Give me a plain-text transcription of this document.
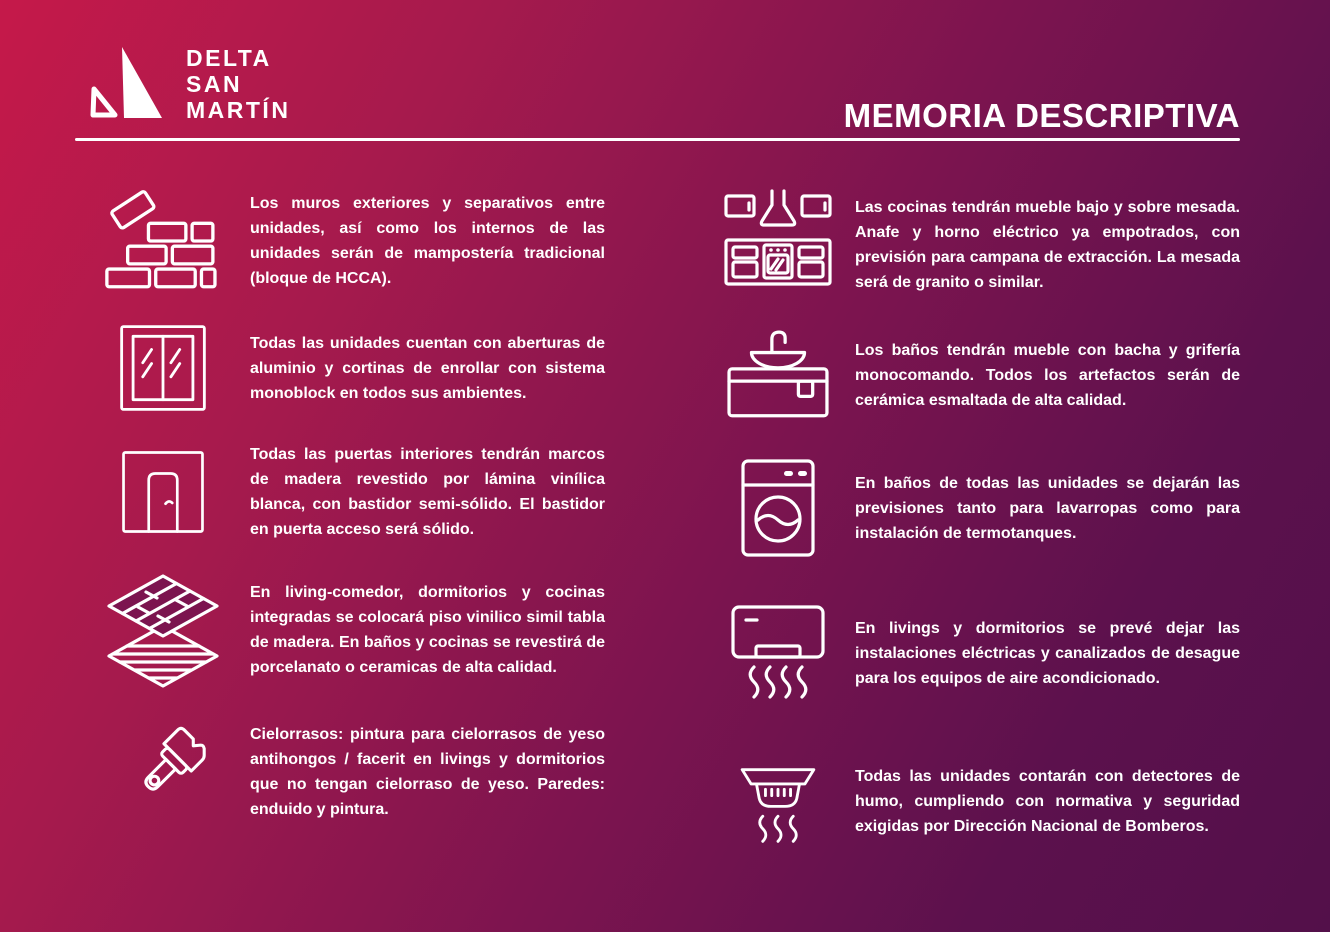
DELTA
SAN
MARTÍN	MEMORIA DESCRIPTIVA

Los muros exteriores y separativos entre unidades, así como los internos de las unidades serán de mampostería tradicional (bloque de HCCA).

Todas las unidades cuentan con aberturas de aluminio y cortinas de enrollar con sistema monoblock en todos sus ambientes.

Todas las puertas interiores tendrán marcos de madera revestido por lámina vinílica blanca, con bastidor semi-sólido. El bastidor en puerta acceso será sólido.

En living-comedor, dormitorios y cocinas integradas se colocará piso vinilico simil tabla de madera. En baños y cocinas se revestirá de porcelanato o ceramicas de alta calidad.

Cielorrasos: pintura para cielorrasos de yeso antihongos / facerit en livings y dormitorios que no tengan cielorraso de yeso. Paredes: enduido y pintura.

Las cocinas tendrán mueble bajo y sobre mesada. Anafe y horno eléctrico ya empotrados, con previsión para campana de extracción. La mesada será de granito o similar.

Los baños tendrán mueble con bacha y grifería monocomando. Todos los artefactos serán de cerámica esmaltada de alta calidad.

En baños de todas las unidades se dejarán las previsiones tanto para lavarropas como para instalación de termotanques.

En livings y dormitorios se prevé dejar las instalaciones eléctricas y canalizados de desague para los equipos de aire acondicionado.

Todas las unidades contarán con detectores de humo, cumpliendo con normativa y seguridad exigidas por Dirección Nacional de Bomberos.
